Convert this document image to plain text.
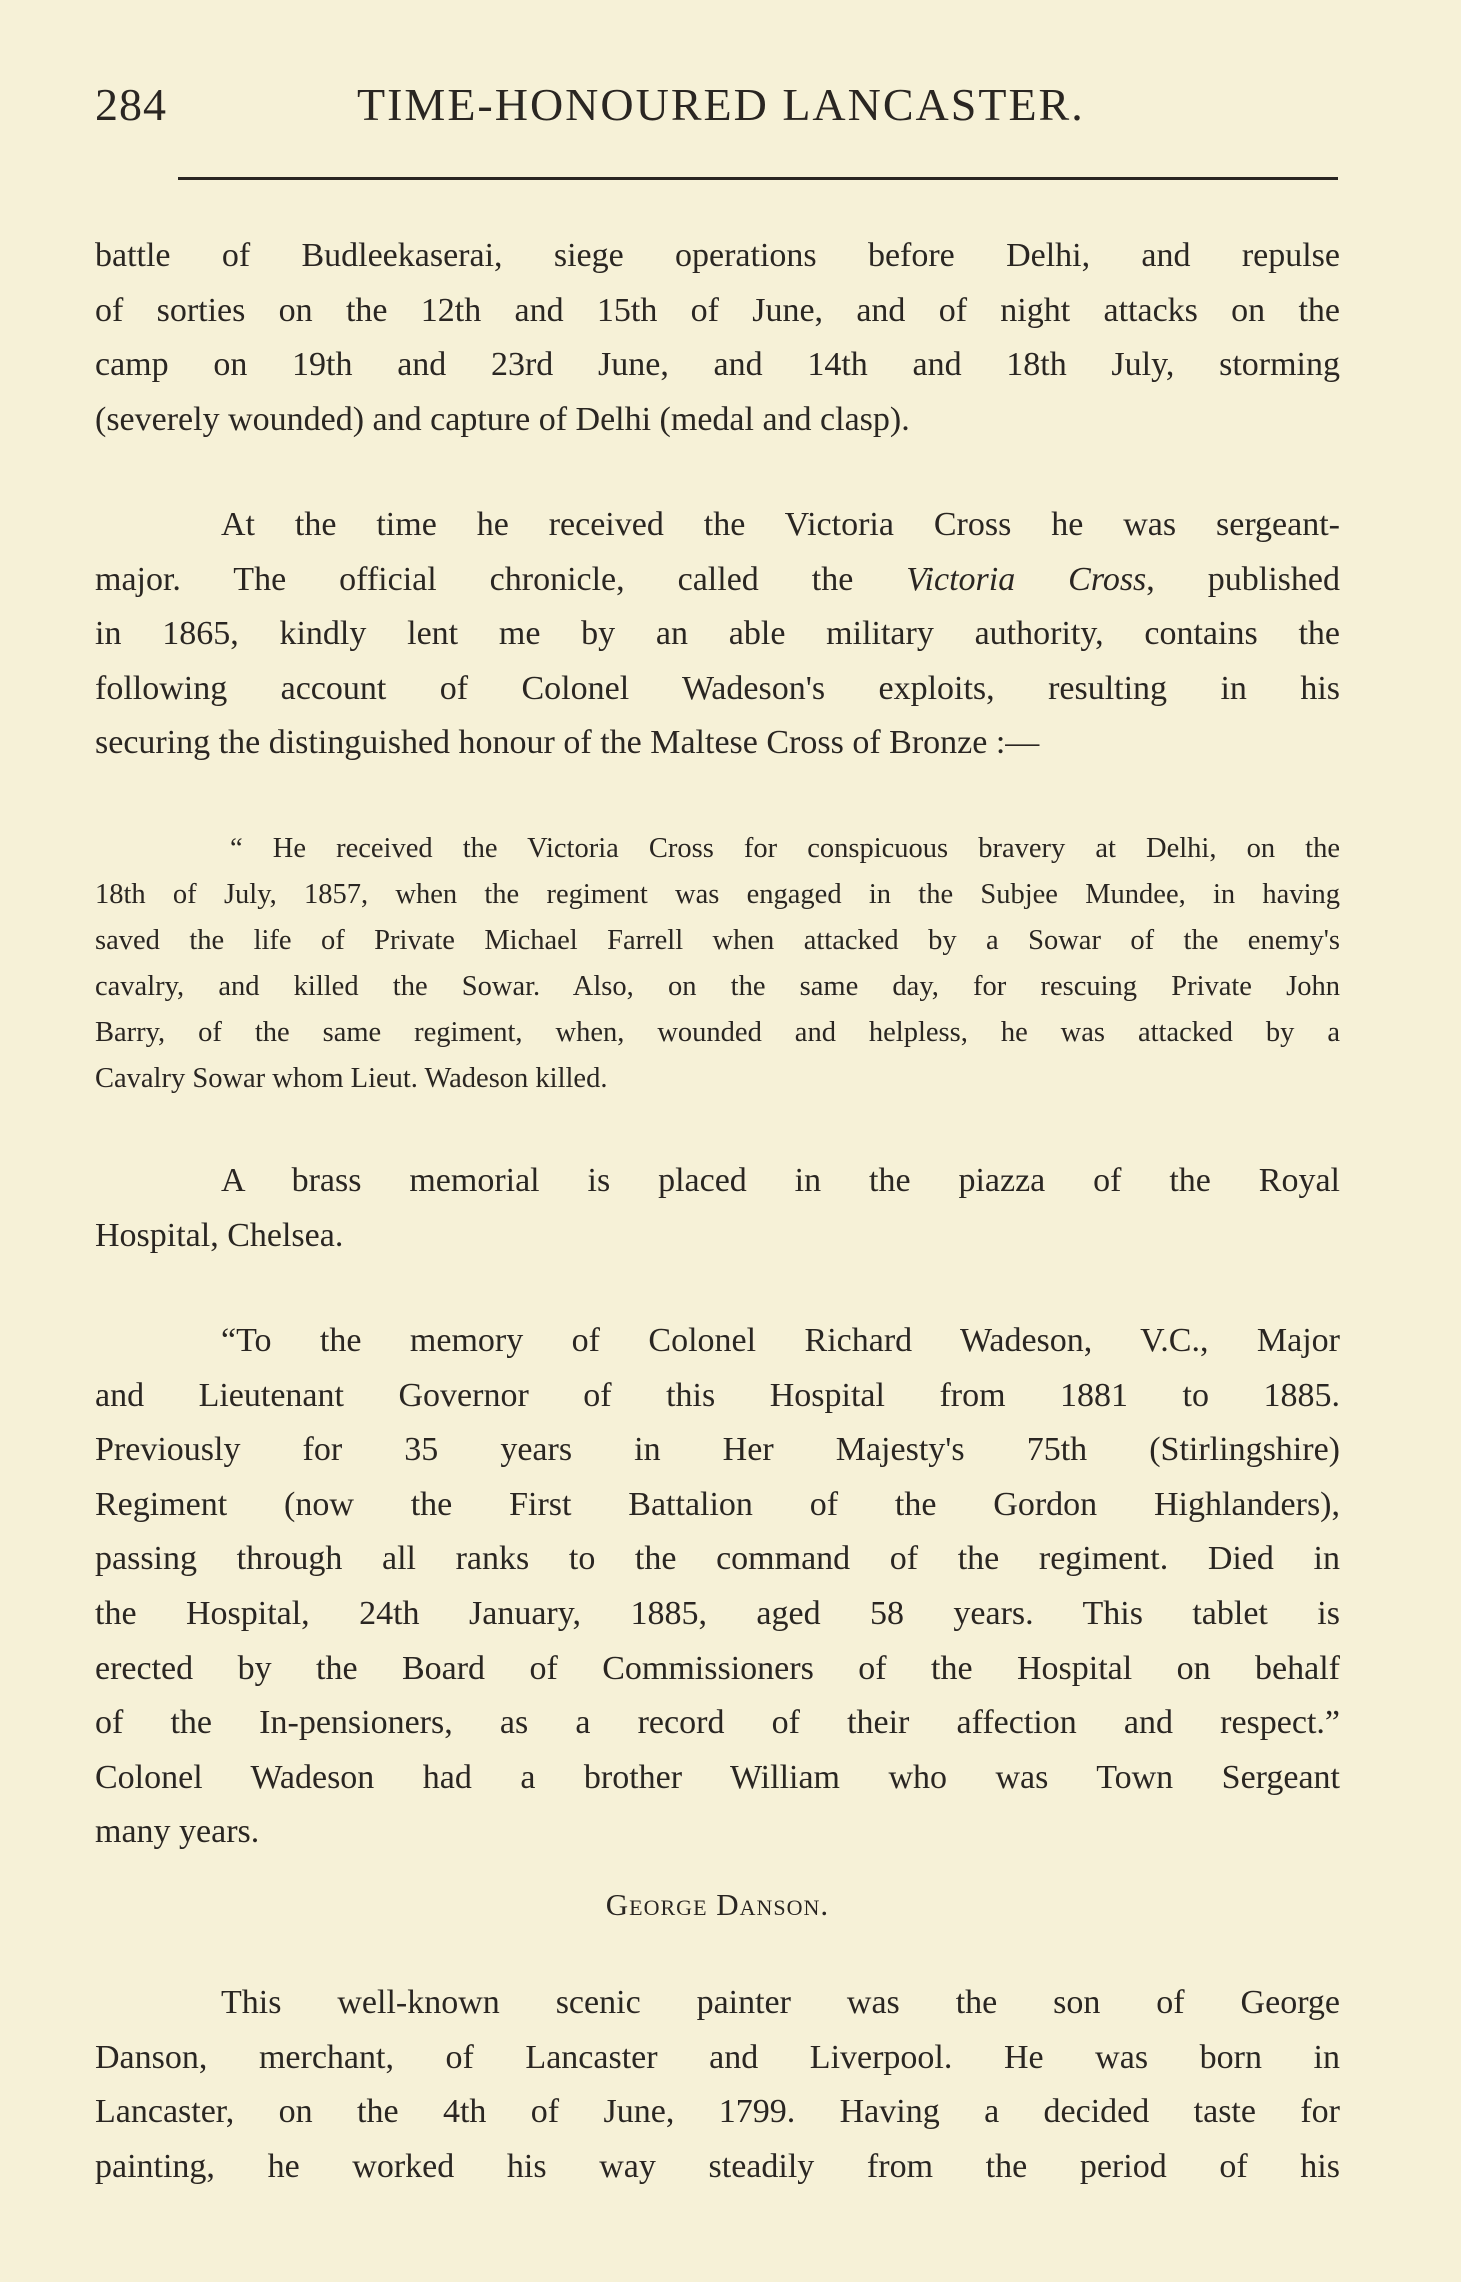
284	TIME-HONOURED LANCASTER.
battle of Budleekaserai, siege operations before Delhi, and repulse
of sorties on the 12th and 15th of June, and of night attacks on the
camp on 19th and 23rd June, and 14th and 18th July, storming
(severely wounded) and capture of Delhi (medal and clasp).
At the time he received the Victoria Cross he was sergeant-
major. The official chronicle, called the Victoria Cross, published
in 1865, kindly lent me by an able military authority, contains the
following account of Colonel Wadeson's exploits, resulting in his
securing the distinguished honour of the Maltese Cross of Bronze :—
“ He received the Victoria Cross for conspicuous bravery at Delhi, on the
18th of July, 1857, when the regiment was engaged in the Subjee Mundee, in having
saved the life of Private Michael Farrell when attacked by a Sowar of the enemy's
cavalry, and killed the Sowar. Also, on the same day, for rescuing Private John
Barry, of the same regiment, when, wounded and helpless, he was attacked by a
Cavalry Sowar whom Lieut. Wadeson killed.
A brass memorial is placed in the piazza of the Royal
Hospital, Chelsea.
“To the memory of Colonel Richard Wadeson, V.C., Major
and Lieutenant Governor of this Hospital from 1881 to 1885.
Previously for 35 years in Her Majesty's 75th (Stirlingshire)
Regiment (now the First Battalion of the Gordon Highlanders),
passing through all ranks to the command of the regiment. Died in
the Hospital, 24th January, 1885, aged 58 years. This tablet is
erected by the Board of Commissioners of the Hospital on behalf
of the In-pensioners, as a record of their affection and respect.”
Colonel Wadeson had a brother William who was Town Sergeant
many years.
George Danson.
This well-known scenic painter was the son of George
Danson, merchant, of Lancaster and Liverpool. He was born in
Lancaster, on the 4th of June, 1799. Having a decided taste for
painting, he worked his way steadily from the period of his
